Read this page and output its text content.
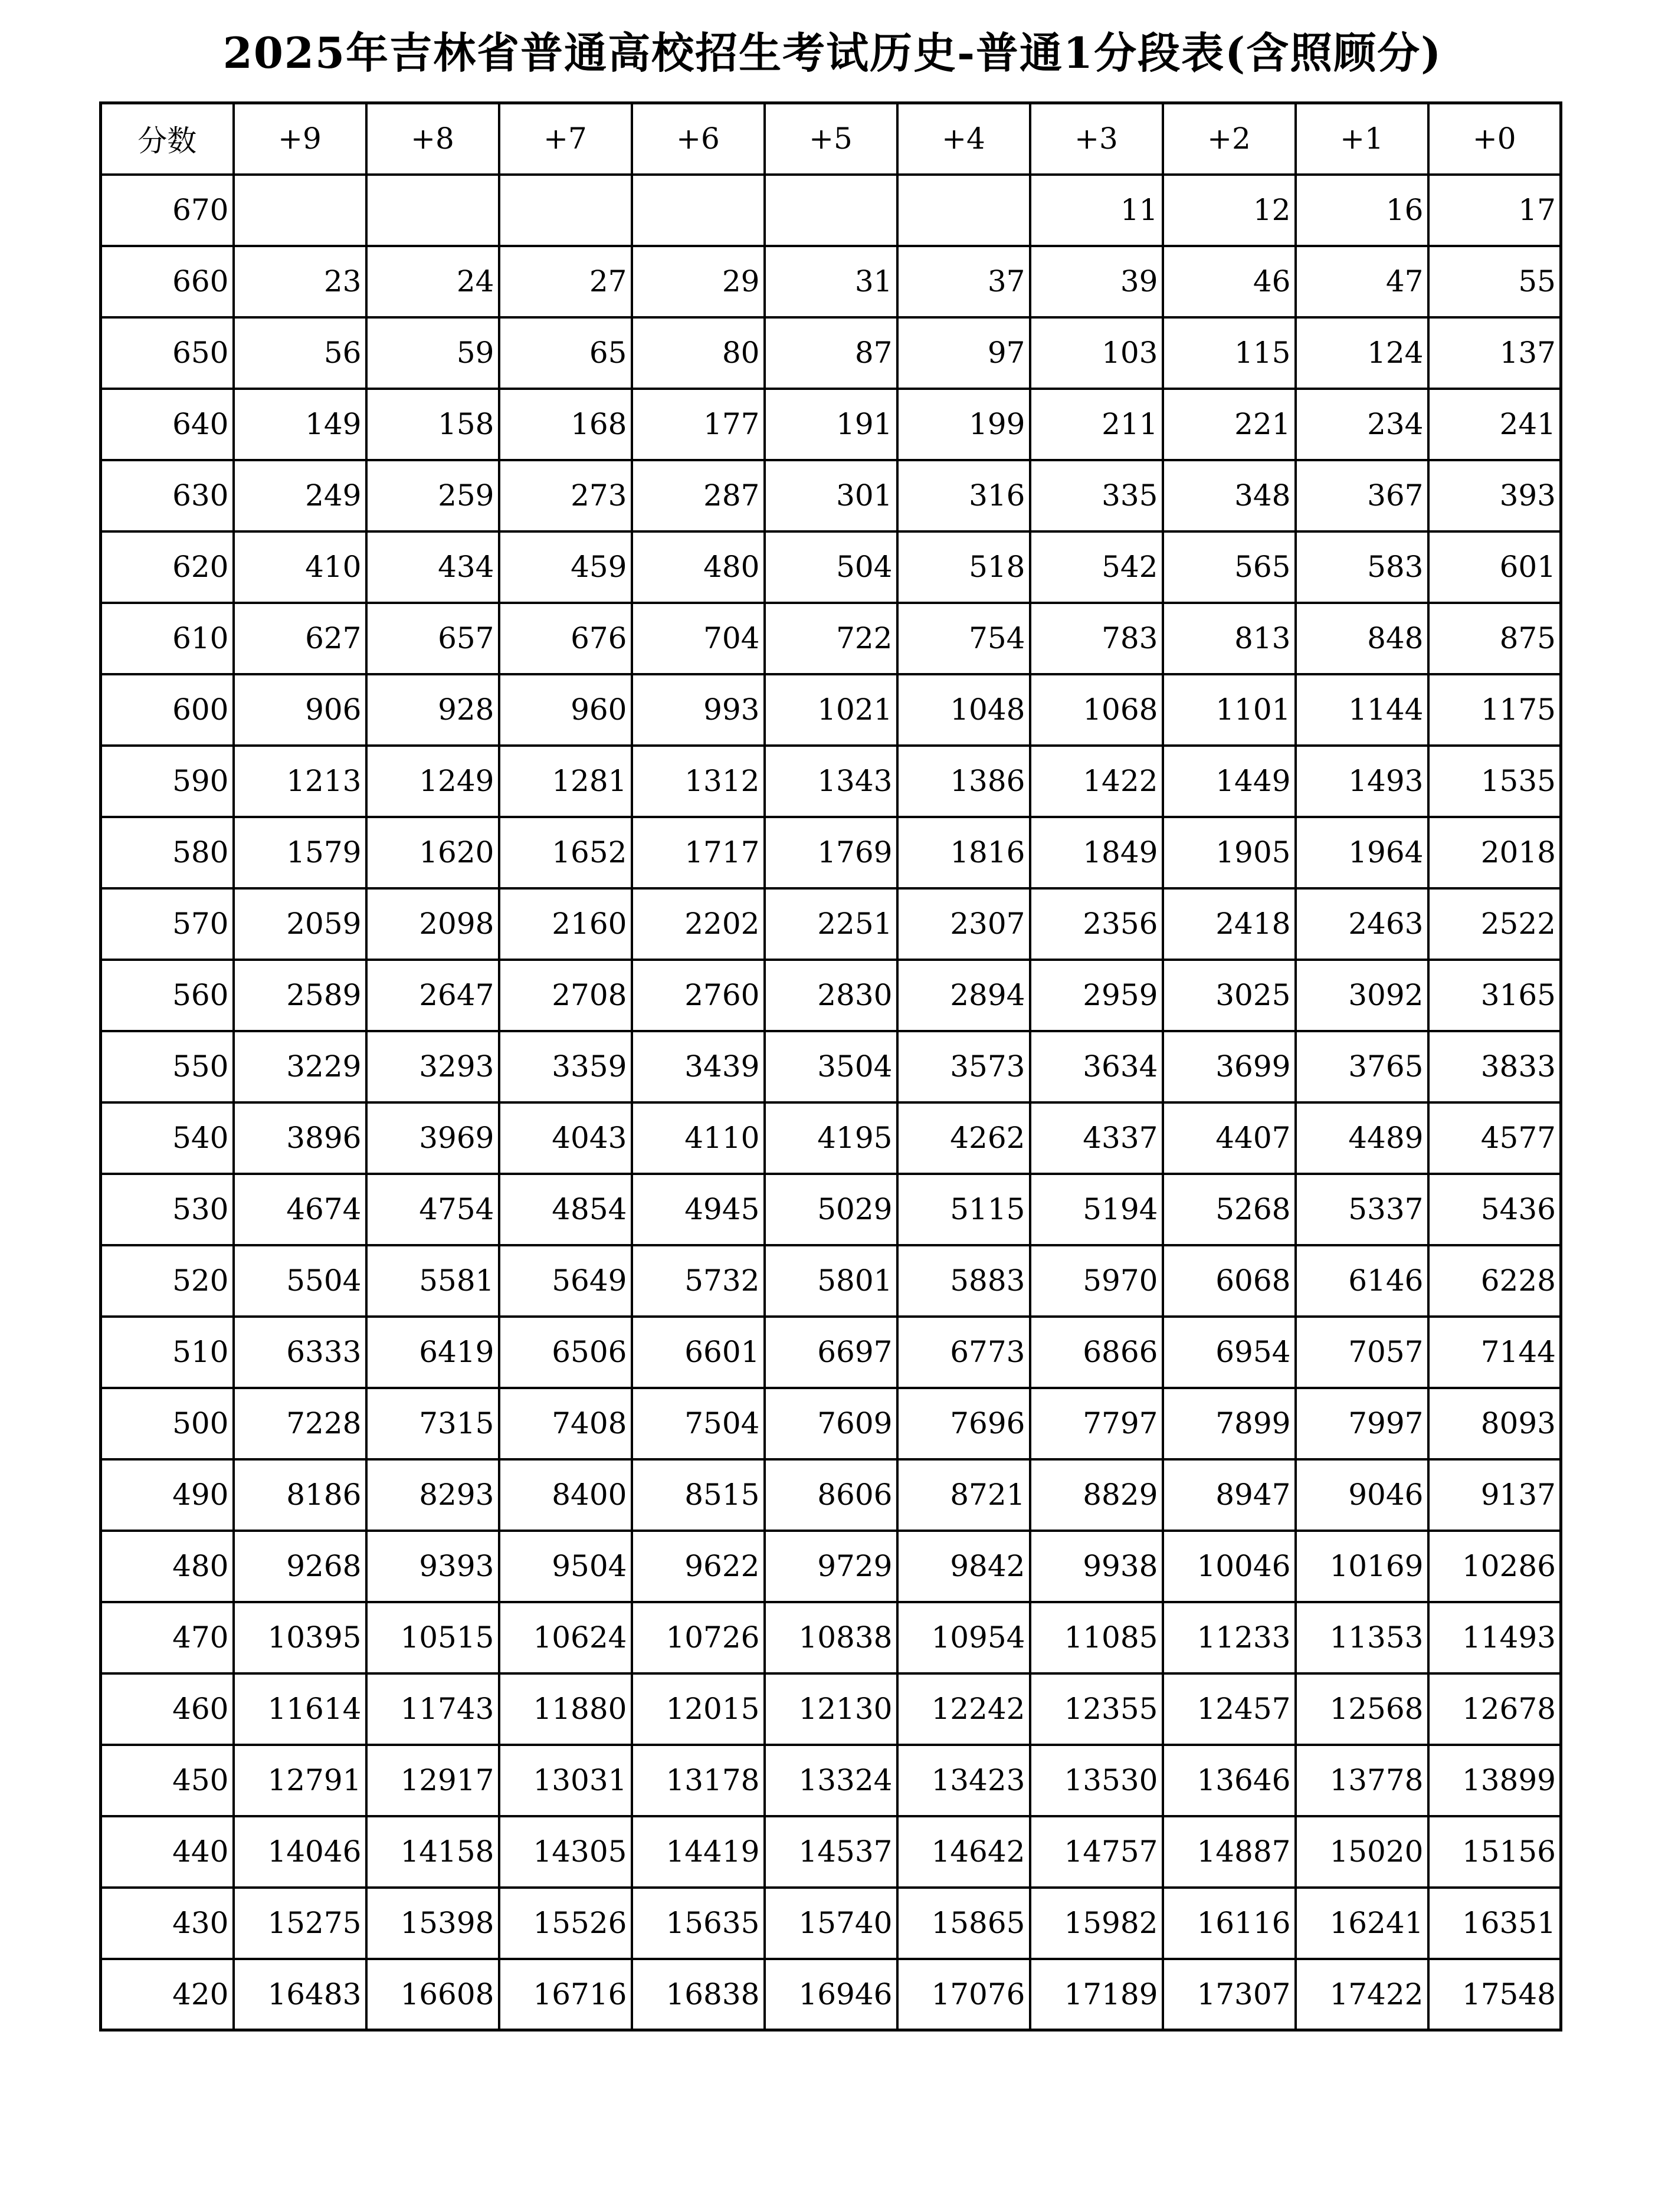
2025年吉林省普通高校招生考试历史-普通1分段表(含照顾分)
分数	+9	+8	+7	+6	+5	+4	+3	+2	+1	+0
670							11	12	16	17
660	23	24	27	29	31	37	39	46	47	55
650	56	59	65	80	87	97	103	115	124	137
640	149	158	168	177	191	199	211	221	234	241
630	249	259	273	287	301	316	335	348	367	393
620	410	434	459	480	504	518	542	565	583	601
610	627	657	676	704	722	754	783	813	848	875
600	906	928	960	993	1021	1048	1068	1101	1144	1175
590	1213	1249	1281	1312	1343	1386	1422	1449	1493	1535
580	1579	1620	1652	1717	1769	1816	1849	1905	1964	2018
570	2059	2098	2160	2202	2251	2307	2356	2418	2463	2522
560	2589	2647	2708	2760	2830	2894	2959	3025	3092	3165
550	3229	3293	3359	3439	3504	3573	3634	3699	3765	3833
540	3896	3969	4043	4110	4195	4262	4337	4407	4489	4577
530	4674	4754	4854	4945	5029	5115	5194	5268	5337	5436
520	5504	5581	5649	5732	5801	5883	5970	6068	6146	6228
510	6333	6419	6506	6601	6697	6773	6866	6954	7057	7144
500	7228	7315	7408	7504	7609	7696	7797	7899	7997	8093
490	8186	8293	8400	8515	8606	8721	8829	8947	9046	9137
480	9268	9393	9504	9622	9729	9842	9938	10046	10169	10286
470	10395	10515	10624	10726	10838	10954	11085	11233	11353	11493
460	11614	11743	11880	12015	12130	12242	12355	12457	12568	12678
450	12791	12917	13031	13178	13324	13423	13530	13646	13778	13899
440	14046	14158	14305	14419	14537	14642	14757	14887	15020	15156
430	15275	15398	15526	15635	15740	15865	15982	16116	16241	16351
420	16483	16608	16716	16838	16946	17076	17189	17307	17422	17548
